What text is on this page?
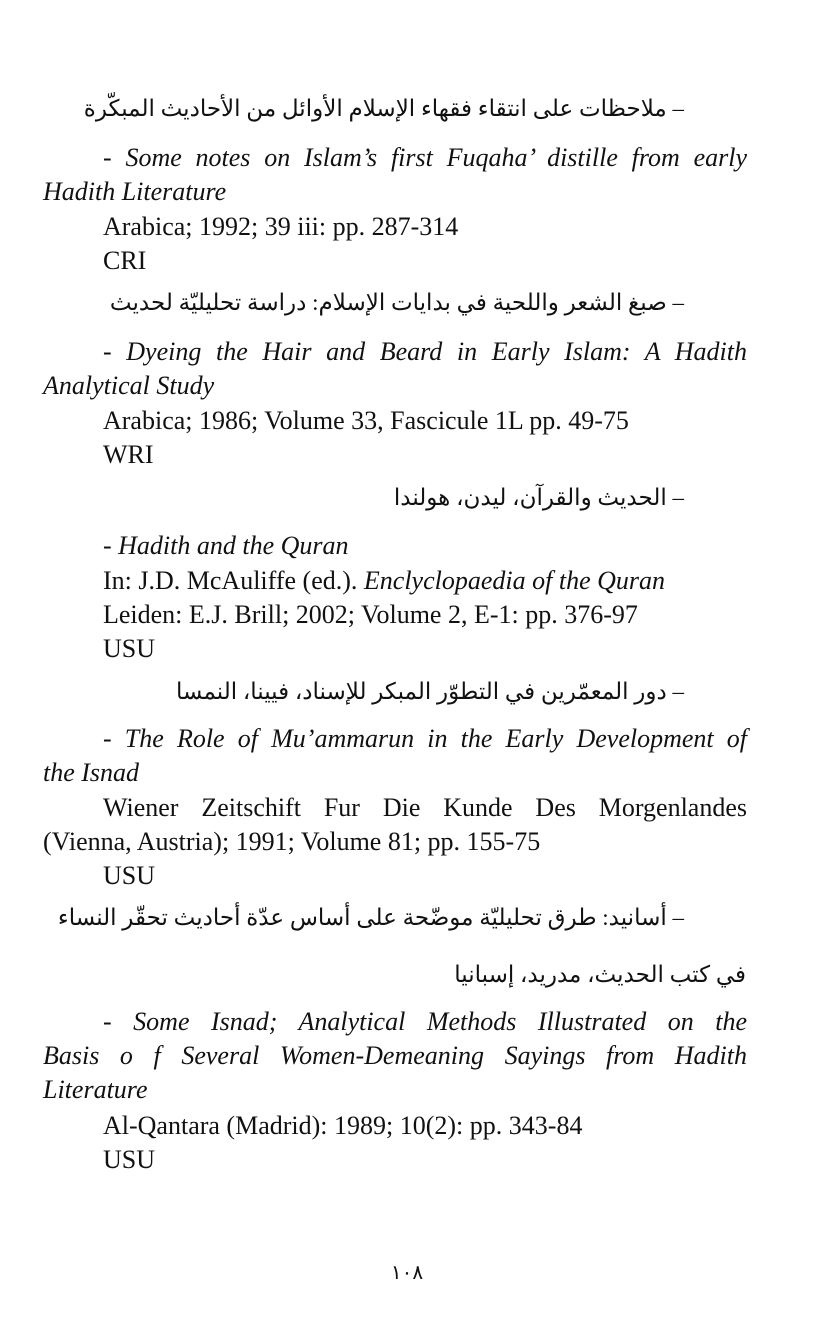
– ملاحظات على انتقاء فقهاء الإسلام الأوائل من الأحاديث المبكّرة
- Some notes on Islam’s first Fuqaha’ distille from early
Hadith Literature
Arabica; 1992; 39 iii: pp. 287-314
CRI
– صبغ الشعر واللحية في بدايات الإسلام: دراسة تحليليّة لحديث
- Dyeing the Hair and Beard in Early Islam: A Hadith
Analytical Study
Arabica; 1986; Volume 33, Fascicule 1L pp. 49-75
WRI
– الحديث والقرآن، ليدن، هولندا
- Hadith and the Quran
In: J.D. McAuliffe (ed.). Enclyclopaedia of the Quran
Leiden: E.J. Brill; 2002; Volume 2, E-1: pp. 376-97
USU
– دور المعمّرين في التطوّر المبكر للإسناد، فيينا، النمسا
- The Role of Mu’ammarun in the Early Development of
the Isnad
Wiener Zeitschift Fur Die Kunde Des Morgenlandes
(Vienna, Austria); 1991; Volume 81; pp. 155-75
USU
– أسانيد: طرق تحليليّة موضّحة على أساس عدّة أحاديث تحقّر النساء
في كتب الحديث، مدريد، إسبانيا
- Some Isnad; Analytical Methods Illustrated on the
Basis o f Several Women-Demeaning Sayings from Hadith
Literature
Al-Qantara (Madrid): 1989; 10(2): pp. 343-84
USU
١٠٨
